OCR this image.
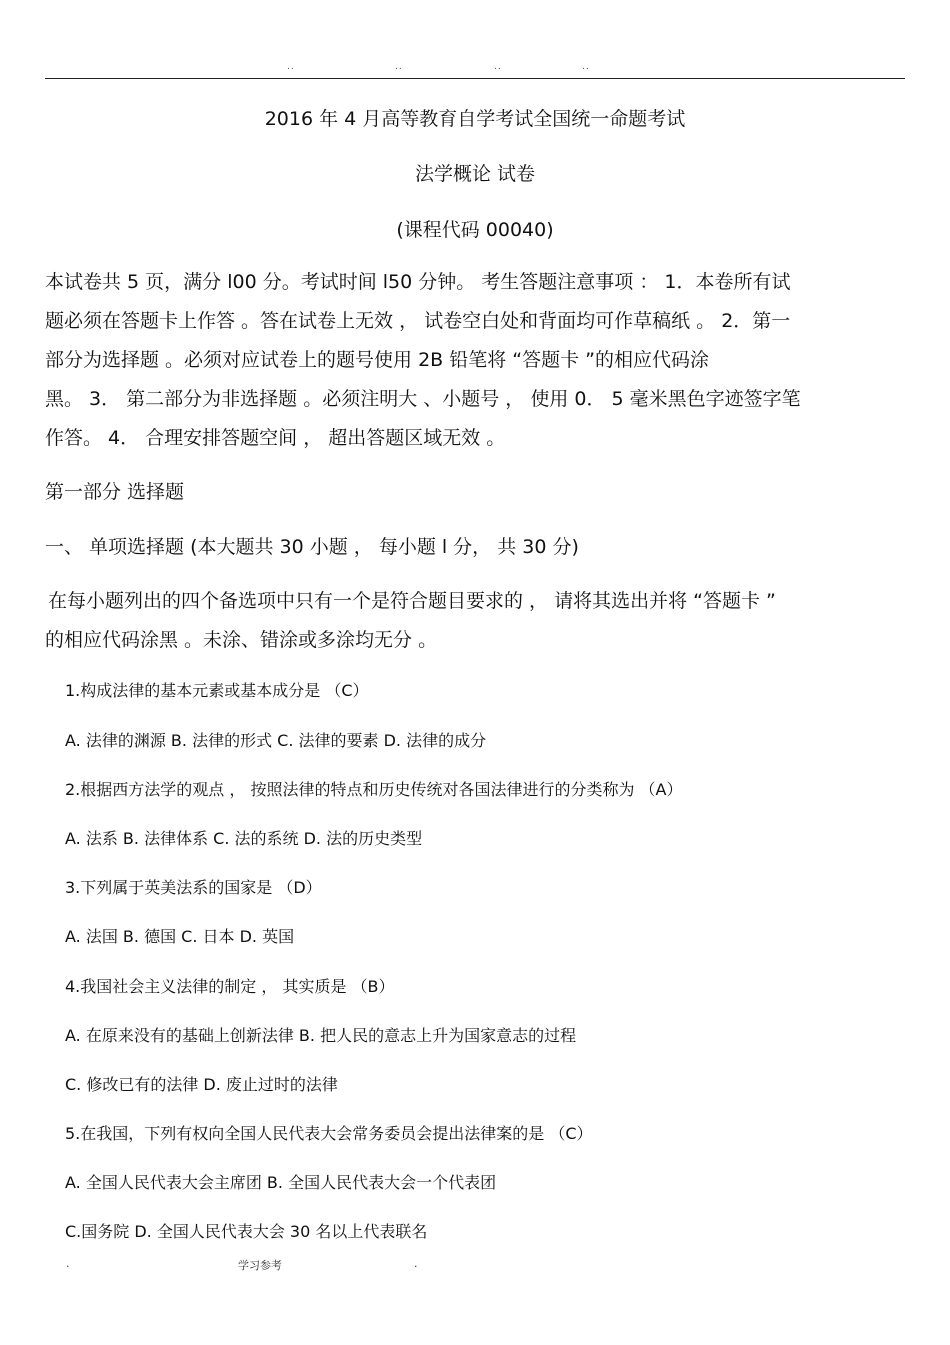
..	..	..	..
2016 年 4 月高等教育自学考试全国统一命题考试
法学概论 试卷
(课程代码 00040)
本试卷共 5 页，满分 l00 分。考试时间 l50 分钟。 考生答题注意事项 ： 1．本卷所有试
题必须在答题卡上作答 。答在试卷上无效 ， 试卷空白处和背面均可作草稿纸 。 2．第一
部分为选择题 。必须对应试卷上的题号使用 2B 铅笔将 “答题卡 ”的相应代码涂
黑。 3． 第二部分为非选择题 。必须注明大 、小题号 ， 使用 0． 5 毫米黑色字迹签字笔
作答。 4． 合理安排答题空间 ， 超出答题区域无效 。
第一部分 选择题
一、 单项选择题 (本大题共 30 小题 ， 每小题 l 分， 共 30 分)
在每小题列出的四个备选项中只有一个是符合题目要求的 ， 请将其选出并将 “答题卡 ”
的相应代码涂黑 。未涂、错涂或多涂均无分 。
1.构成法律的基本元素或基本成分是 （C）
A. 法律的渊源 B. 法律的形式 C. 法律的要素 D. 法律的成分
2.根据西方法学的观点 ， 按照法律的特点和历史传统对各国法律进行的分类称为 （A）
A. 法系 B. 法律体系 C. 法的系统 D. 法的历史类型
3.下列属于英美法系的国家是 （D）
A. 法国 B. 德国 C. 日本 D. 英国
4.我国社会主义法律的制定 ， 其实质是 （B）
A. 在原来没有的基础上创新法律 B. 把人民的意志上升为国家意志的过程
C. 修改已有的法律 D. 废止过时的法律
5.在我国，下列有权向全国人民代表大会常务委员会提出法律案的是 （C）
A. 全国人民代表大会主席团 B. 全国人民代表大会一个代表团
C.国务院 D. 全国人民代表大会 30 名以上代表联名
.	学习参考	.
